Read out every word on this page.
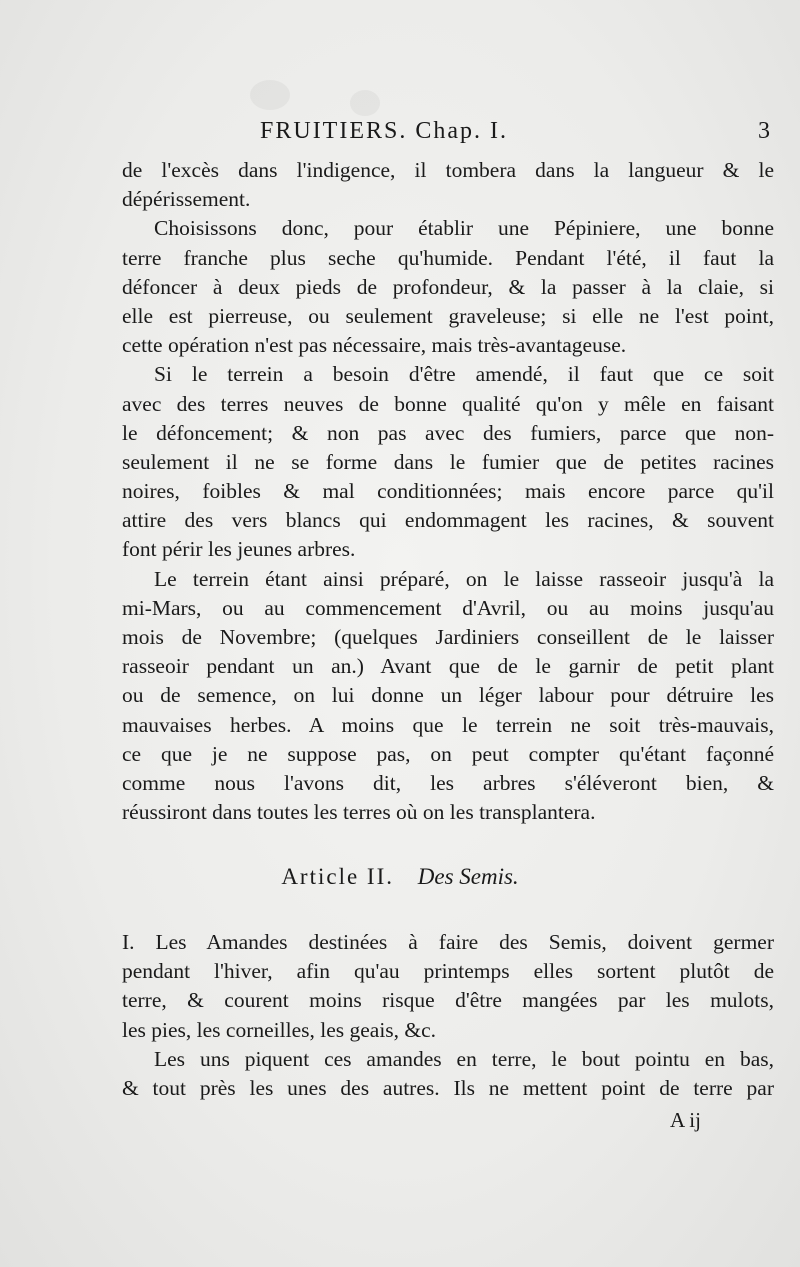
FRUITIERS. Chap. I.	3
de l'excès dans l'indigence, il tombera dans la langueur & le
dépérissement.
Choisissons donc, pour établir une Pépiniere, une bonne
terre franche plus seche qu'humide. Pendant l'été, il faut la
défoncer à deux pieds de profondeur, & la passer à la claie, si
elle est pierreuse, ou seulement graveleuse; si elle ne l'est point,
cette opération n'est pas nécessaire, mais très-avantageuse.
Si le terrein a besoin d'être amendé, il faut que ce soit
avec des terres neuves de bonne qualité qu'on y mêle en faisant
le défoncement; & non pas avec des fumiers, parce que non-
seulement il ne se forme dans le fumier que de petites racines
noires, foibles & mal conditionnées; mais encore parce qu'il
attire des vers blancs qui endommagent les racines, & souvent
font périr les jeunes arbres.
Le terrein étant ainsi préparé, on le laisse rasseoir jusqu'à la
mi-Mars, ou au commencement d'Avril, ou au moins jusqu'au
mois de Novembre; (quelques Jardiniers conseillent de le laisser
rasseoir pendant un an.) Avant que de le garnir de petit plant
ou de semence, on lui donne un léger labour pour détruire les
mauvaises herbes. A moins que le terrein ne soit très-mauvais,
ce que je ne suppose pas, on peut compter qu'étant façonné
comme nous l'avons dit, les arbres s'éléveront bien, &
réussiront dans toutes les terres où on les transplantera.
Article II. Des Semis.
I. Les Amandes destinées à faire des Semis, doivent germer
pendant l'hiver, afin qu'au printemps elles sortent plutôt de
terre, & courent moins risque d'être mangées par les mulots,
les pies, les corneilles, les geais, &c.
Les uns piquent ces amandes en terre, le bout pointu en bas,
& tout près les unes des autres. Ils ne mettent point de terre par
A ij
